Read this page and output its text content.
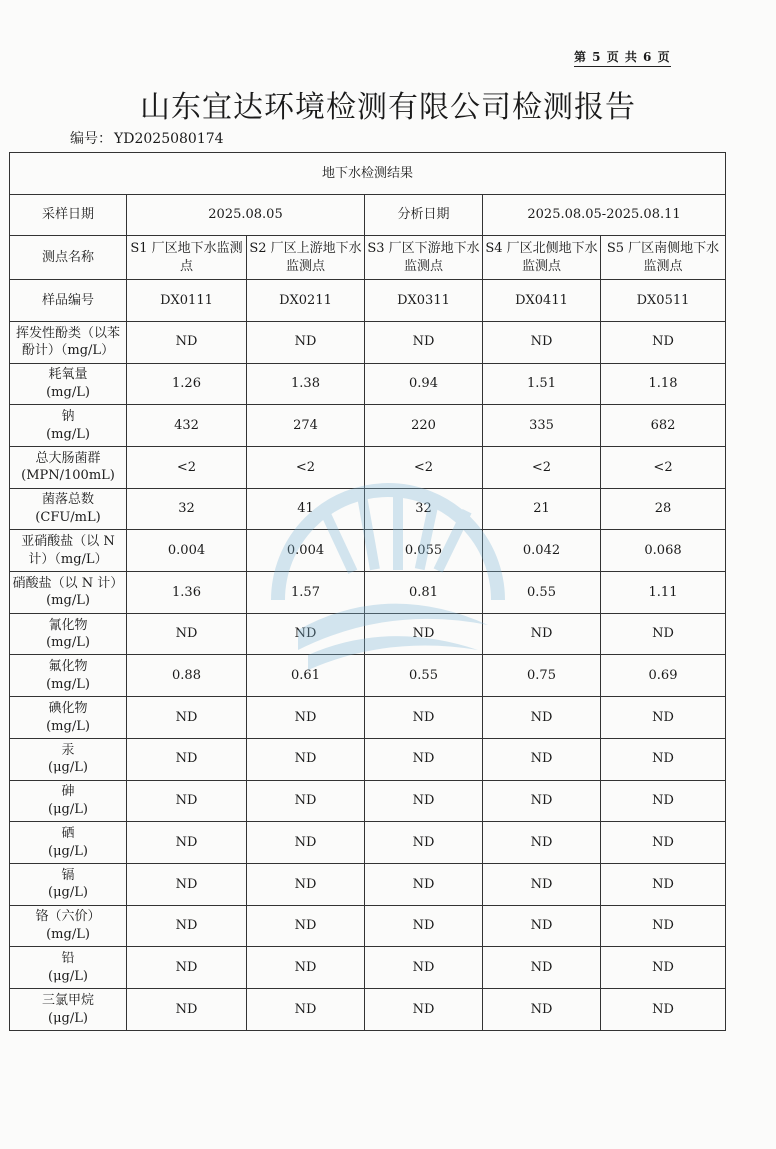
第 5 页 共 6 页
山东宜达环境检测有限公司检测报告
编号： YD2025080174
地下水检测结果					
采样日期	2025.08.05		分析日期	2025.08.05-2025.08.11	
测点名称	S1 厂区地下水监测点	S2 厂区上游地下水监测点	S3 厂区下游地下水监测点	S4 厂区北侧地下水监测点	S5 厂区南侧地下水监测点
样品编号	DX0111	DX0211	DX0311	DX0411	DX0511
挥发性酚类（以苯酚计）（mg/L）	ND	ND	ND	ND	ND
耗氧量
(mg/L)	1.26	1.38	0.94	1.51	1.18
钠
(mg/L)	432	274	220	335	682
总大肠菌群
(MPN/100mL)	<2	<2	<2	<2	<2
菌落总数
(CFU/mL)	32	41	32	21	28
亚硝酸盐（以 N 计）（mg/L）	0.004	0.004	0.055	0.042	0.068
硝酸盐（以 N 计）
(mg/L)	1.36	1.57	0.81	0.55	1.11
氰化物
(mg/L)	ND	ND	ND	ND	ND
氟化物
(mg/L)	0.88	0.61	0.55	0.75	0.69
碘化物
(mg/L)	ND	ND	ND	ND	ND
汞
(μg/L)	ND	ND	ND	ND	ND
砷
(μg/L)	ND	ND	ND	ND	ND
硒
(μg/L)	ND	ND	ND	ND	ND
镉
(μg/L)	ND	ND	ND	ND	ND
铬（六价）
(mg/L)	ND	ND	ND	ND	ND
铅
(μg/L)	ND	ND	ND	ND	ND
三氯甲烷
(μg/L)	ND	ND	ND	ND	ND
